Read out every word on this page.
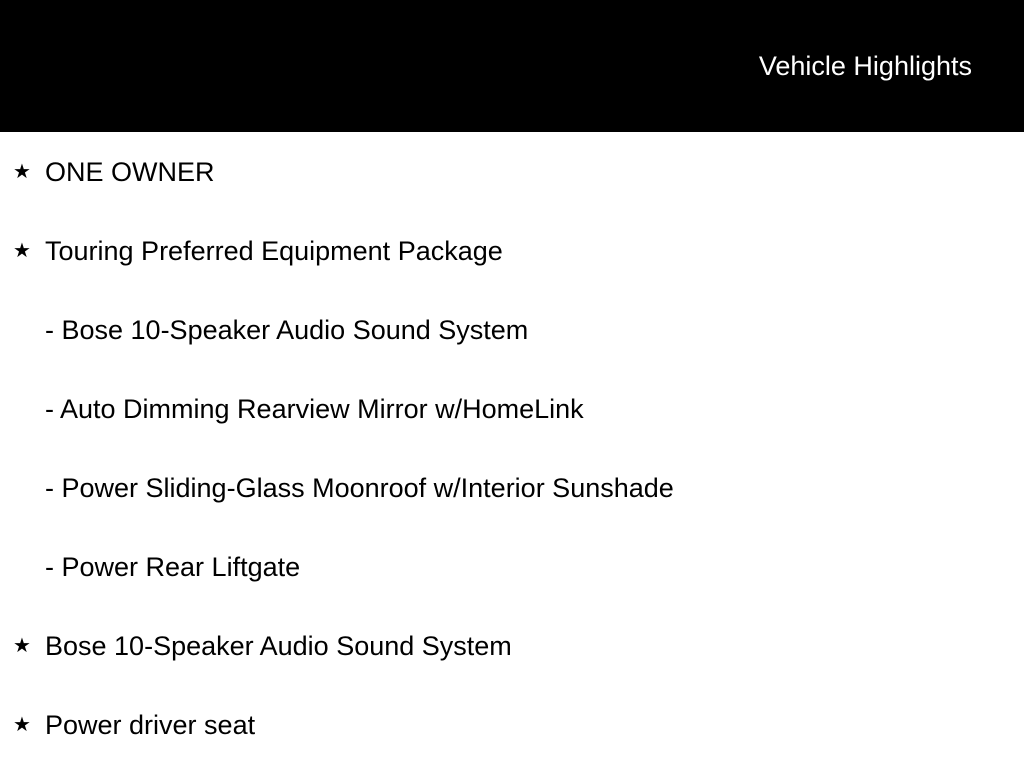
Vehicle Highlights
★ ONE OWNER
★ Touring Preferred Equipment Package
- Bose 10-Speaker Audio Sound System
- Auto Dimming Rearview Mirror w/HomeLink
- Power Sliding-Glass Moonroof w/Interior Sunshade
- Power Rear Liftgate
★ Bose 10-Speaker Audio Sound System
★ Power driver seat
